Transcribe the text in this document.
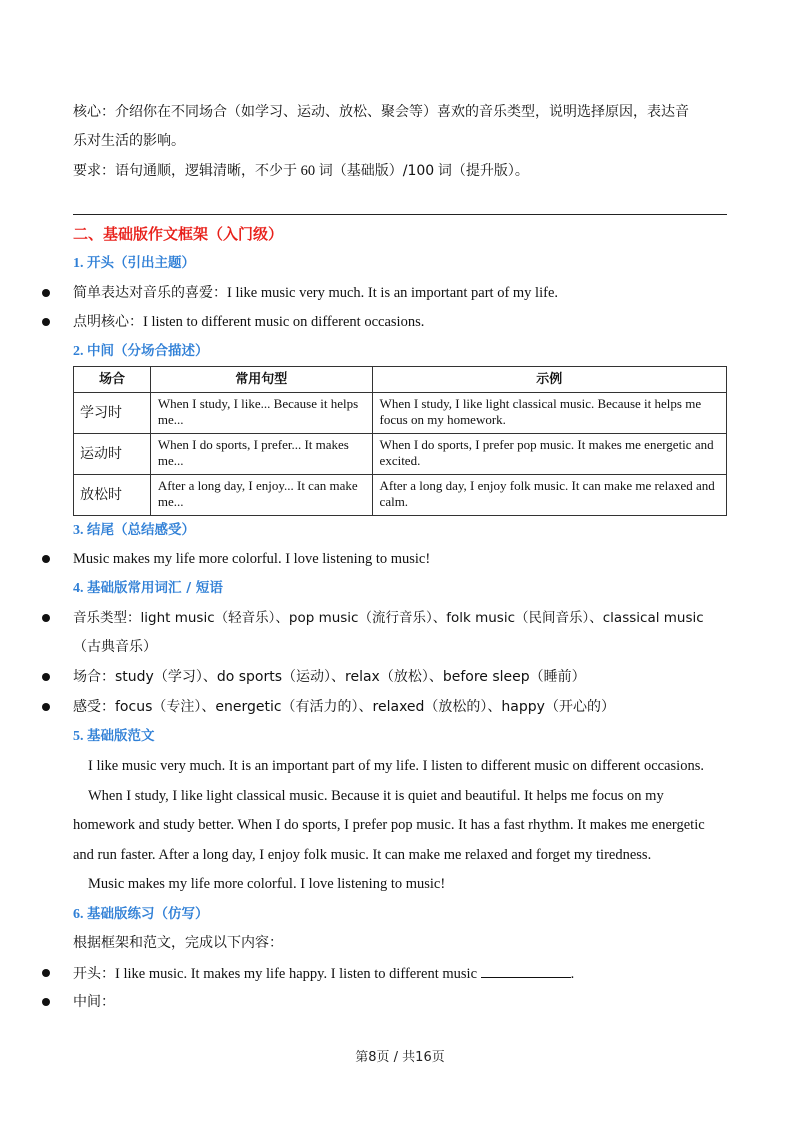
核心：介绍你在不同场合（如学习、运动、放松、聚会等）喜欢的音乐类型，说明选择原因，表达音
乐对生活的影响。
要求：语句通顺，逻辑清晰，不少于 60 词（基础版）/100 词（提升版）。
二、基础版作文框架（入门级）
1. 开头（引出主题）
简单表达对音乐的喜爱：I like music very much. It is an important part of my life.
点明核心：I listen to different music on different occasions.
2. 中间（分场合描述）
场合	常用句型	示例
学习时	When I study, I like... Because it helps me...	When I study, I like light classical music. Because it helps me focus on my homework.
运动时	When I do sports, I prefer... It makes me...	When I do sports, I prefer pop music. It makes me energetic and excited.
放松时	After a long day, I enjoy... It can make me...	After a long day, I enjoy folk music. It can make me relaxed and calm.
3. 结尾（总结感受）
Music makes my life more colorful. I love listening to music!
4. 基础版常用词汇 / 短语
音乐类型：light music（轻音乐）、pop music（流行音乐）、folk music（民间音乐）、classical music
（古典音乐）
场合：study（学习）、do sports（运动）、relax（放松）、before sleep（睡前）
感受：focus（专注）、energetic（有活力的）、relaxed（放松的）、happy（开心的）
5. 基础版范文
I like music very much. It is an important part of my life. I listen to different music on different occasions.
When I study, I like light classical music. Because it is quiet and beautiful. It helps me focus on my
homework and study better. When I do sports, I prefer pop music. It has a fast rhythm. It makes me energetic
and run faster. After a long day, I enjoy folk music. It can make me relaxed and forget my tiredness.
Music makes my life more colorful. I love listening to music!
6. 基础版练习（仿写）
根据框架和范文，完成以下内容：
开头：I like music. It makes my life happy. I listen to different music	.
中间：
第8页 / 共16页
